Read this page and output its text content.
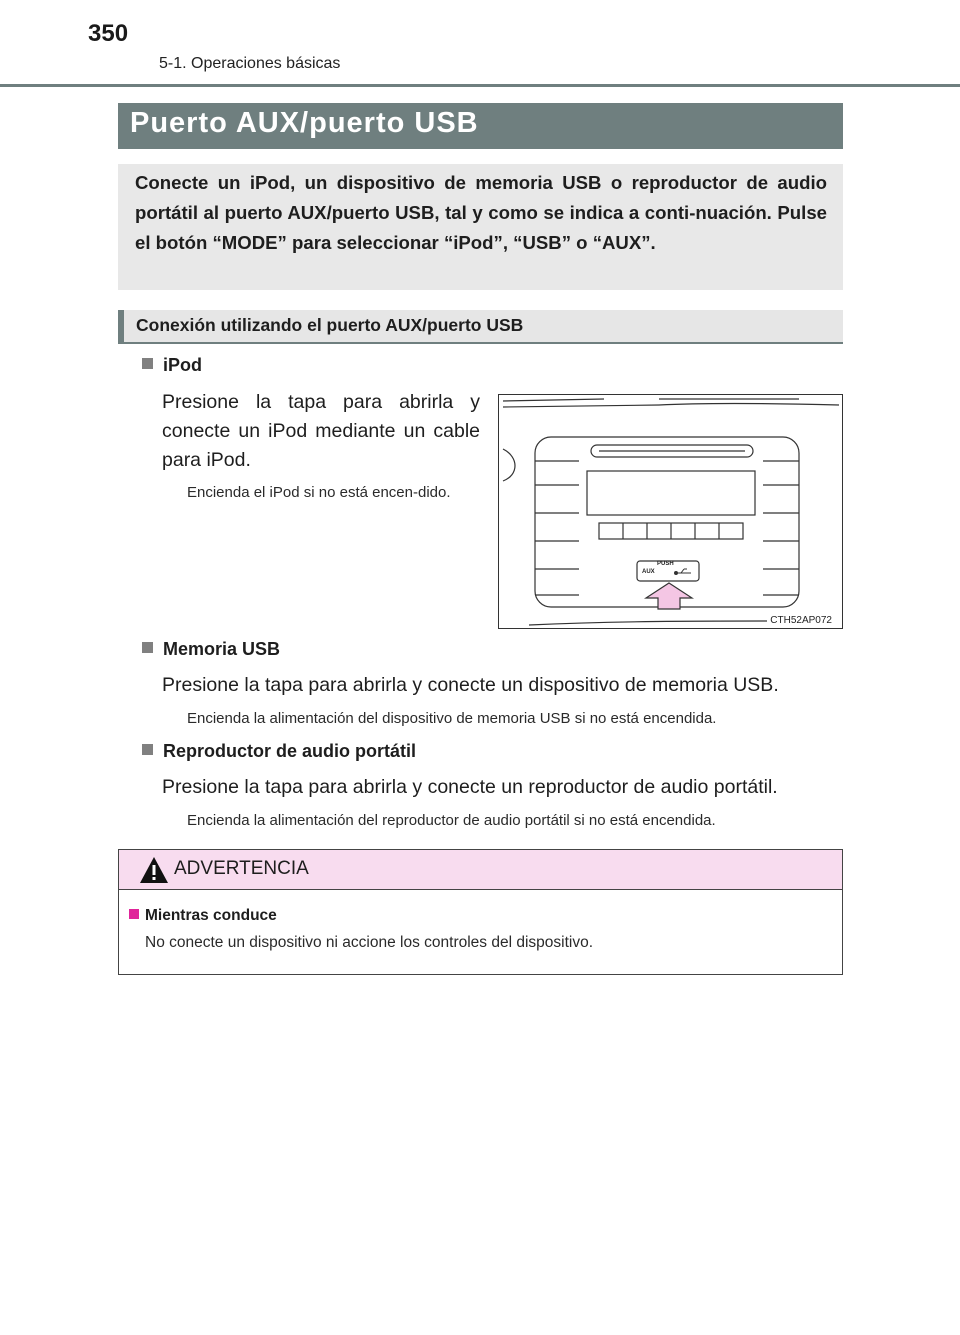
350
5-1. Operaciones básicas
Puerto AUX/puerto USB
Conecte un iPod, un dispositivo de memoria USB o reproductor de audio portátil al puerto AUX/puerto USB, tal y como se indica a conti-nuación. Pulse el botón “MODE” para seleccionar “iPod”, “USB” o “AUX”.
Conexión utilizando el puerto AUX/puerto USB
iPod
Presione la tapa para abrirla y conecte un iPod mediante un cable para iPod.
Encienda el iPod si no está encen-dido.
PUSH
AUX
CTH52AP072
Memoria USB
Presione la tapa para abrirla y conecte un dispositivo de memoria USB.
Encienda la alimentación del dispositivo de memoria USB si no está encendida.
Reproductor de audio portátil
Presione la tapa para abrirla y conecte un reproductor de audio portátil.
Encienda la alimentación del reproductor de audio portátil si no está encendida.
ADVERTENCIA
Mientras conduce
No conecte un dispositivo ni accione los controles del dispositivo.
